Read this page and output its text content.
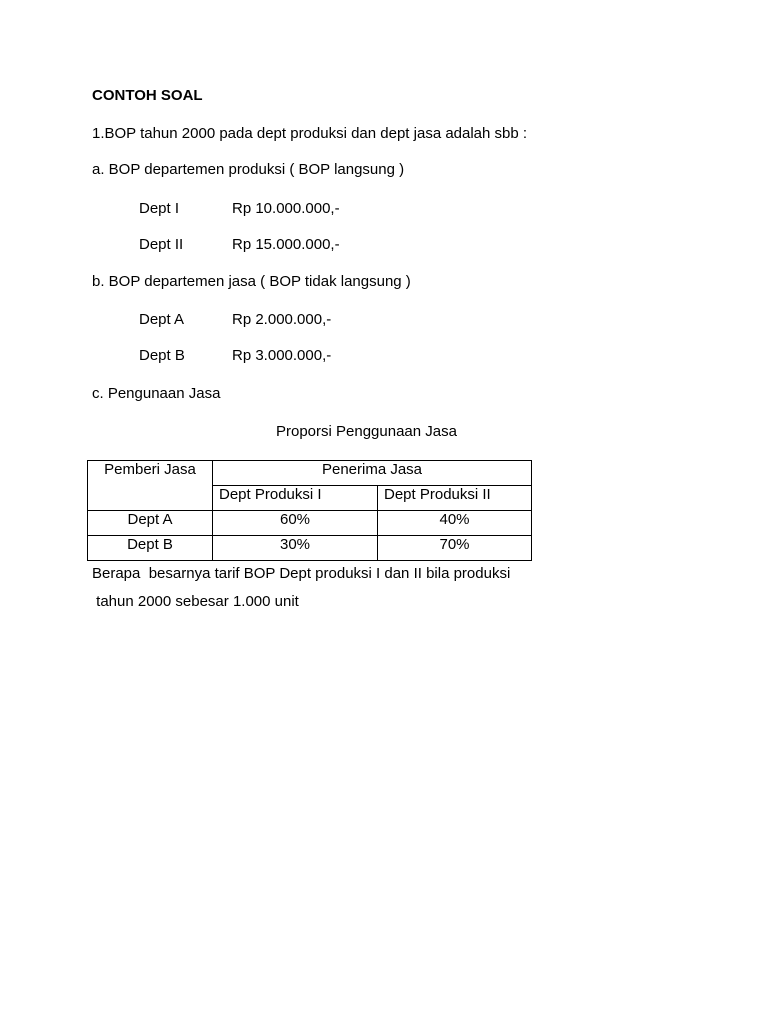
CONTOH SOAL
1.BOP tahun 2000 pada dept produksi dan dept jasa adalah sbb :
a. BOP departemen produksi ( BOP langsung )
Dept I	Rp 10.000.000,-
Dept II	Rp 15.000.000,-
b. BOP departemen jasa ( BOP tidak langsung )
Dept A	Rp 2.000.000,-
Dept B	Rp 3.000.000,-
c. Pengunaan Jasa
Proporsi Penggunaan Jasa
Pemberi Jasa	Penerima Jasa	
	Dept Produksi I	Dept Produksi II
Dept A	60%	40%
Dept B	30%	70%
Berapa  besarnya tarif BOP Dept produksi I dan II bila produksi
tahun 2000 sebesar 1.000 unit
